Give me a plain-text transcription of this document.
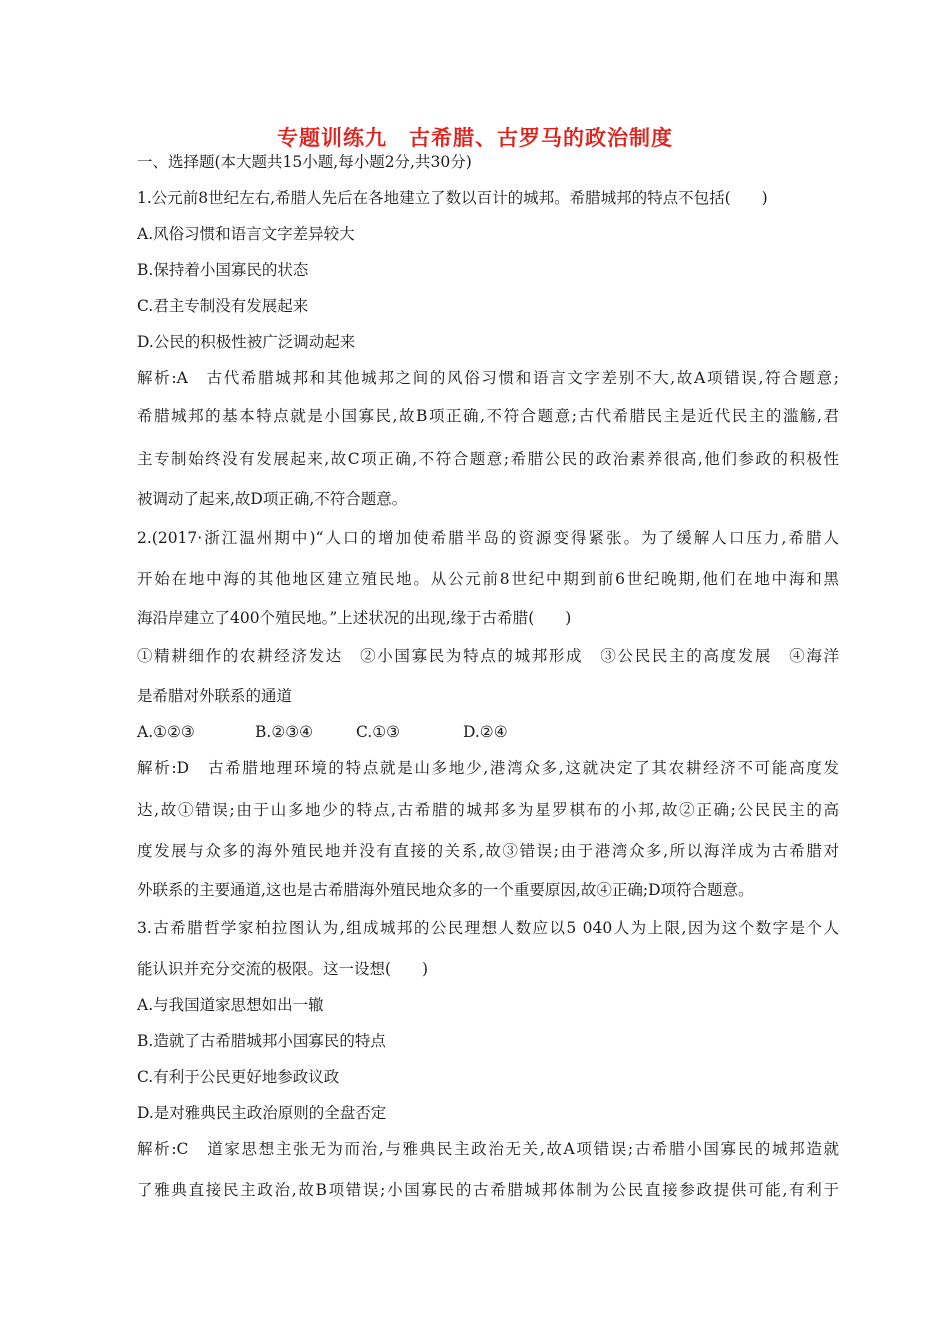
专题训练九　古希腊、古罗马的政治制度
一、选择题(本大题共15小题,每小题2分,共30分)
1.公元前8世纪左右,希腊人先后在各地建立了数以百计的城邦。希腊城邦的特点不包括(　　)
A.风俗习惯和语言文字差异较大
B.保持着小国寡民的状态
C.君主专制没有发展起来
D.公民的积极性被广泛调动起来
解析:A　古代希腊城邦和其他城邦之间的风俗习惯和语言文字差别不大,故A项错误,符合题意;
希腊城邦的基本特点就是小国寡民,故B项正确,不符合题意;古代希腊民主是近代民主的滥觞,君
主专制始终没有发展起来,故C项正确,不符合题意;希腊公民的政治素养很高,他们参政的积极性
被调动了起来,故D项正确,不符合题意。
2.(2017·浙江温州期中)“人口的增加使希腊半岛的资源变得紧张。为了缓解人口压力,希腊人
开始在地中海的其他地区建立殖民地。从公元前8世纪中期到前6世纪晚期,他们在地中海和黑
海沿岸建立了400个殖民地。”上述状况的出现,缘于古希腊(　　)
①精耕细作的农耕经济发达　②小国寡民为特点的城邦形成　③公民民主的高度发展　④海洋
是希腊对外联系的通道
A.①②③	B.②③④	C.①③	D.②④
解析:D　古希腊地理环境的特点就是山多地少,港湾众多,这就决定了其农耕经济不可能高度发
达,故①错误;由于山多地少的特点,古希腊的城邦多为星罗棋布的小邦,故②正确;公民民主的高
度发展与众多的海外殖民地并没有直接的关系,故③错误;由于港湾众多,所以海洋成为古希腊对
外联系的主要通道,这也是古希腊海外殖民地众多的一个重要原因,故④正确;D项符合题意。
3.古希腊哲学家柏拉图认为,组成城邦的公民理想人数应以5 040人为上限,因为这个数字是个人
能认识并充分交流的极限。这一设想(　　)
A.与我国道家思想如出一辙
B.造就了古希腊城邦小国寡民的特点
C.有利于公民更好地参政议政
D.是对雅典民主政治原则的全盘否定
解析:C　道家思想主张无为而治,与雅典民主政治无关,故A项错误;古希腊小国寡民的城邦造就
了雅典直接民主政治,故B项错误;小国寡民的古希腊城邦体制为公民直接参政提供可能,有利于
